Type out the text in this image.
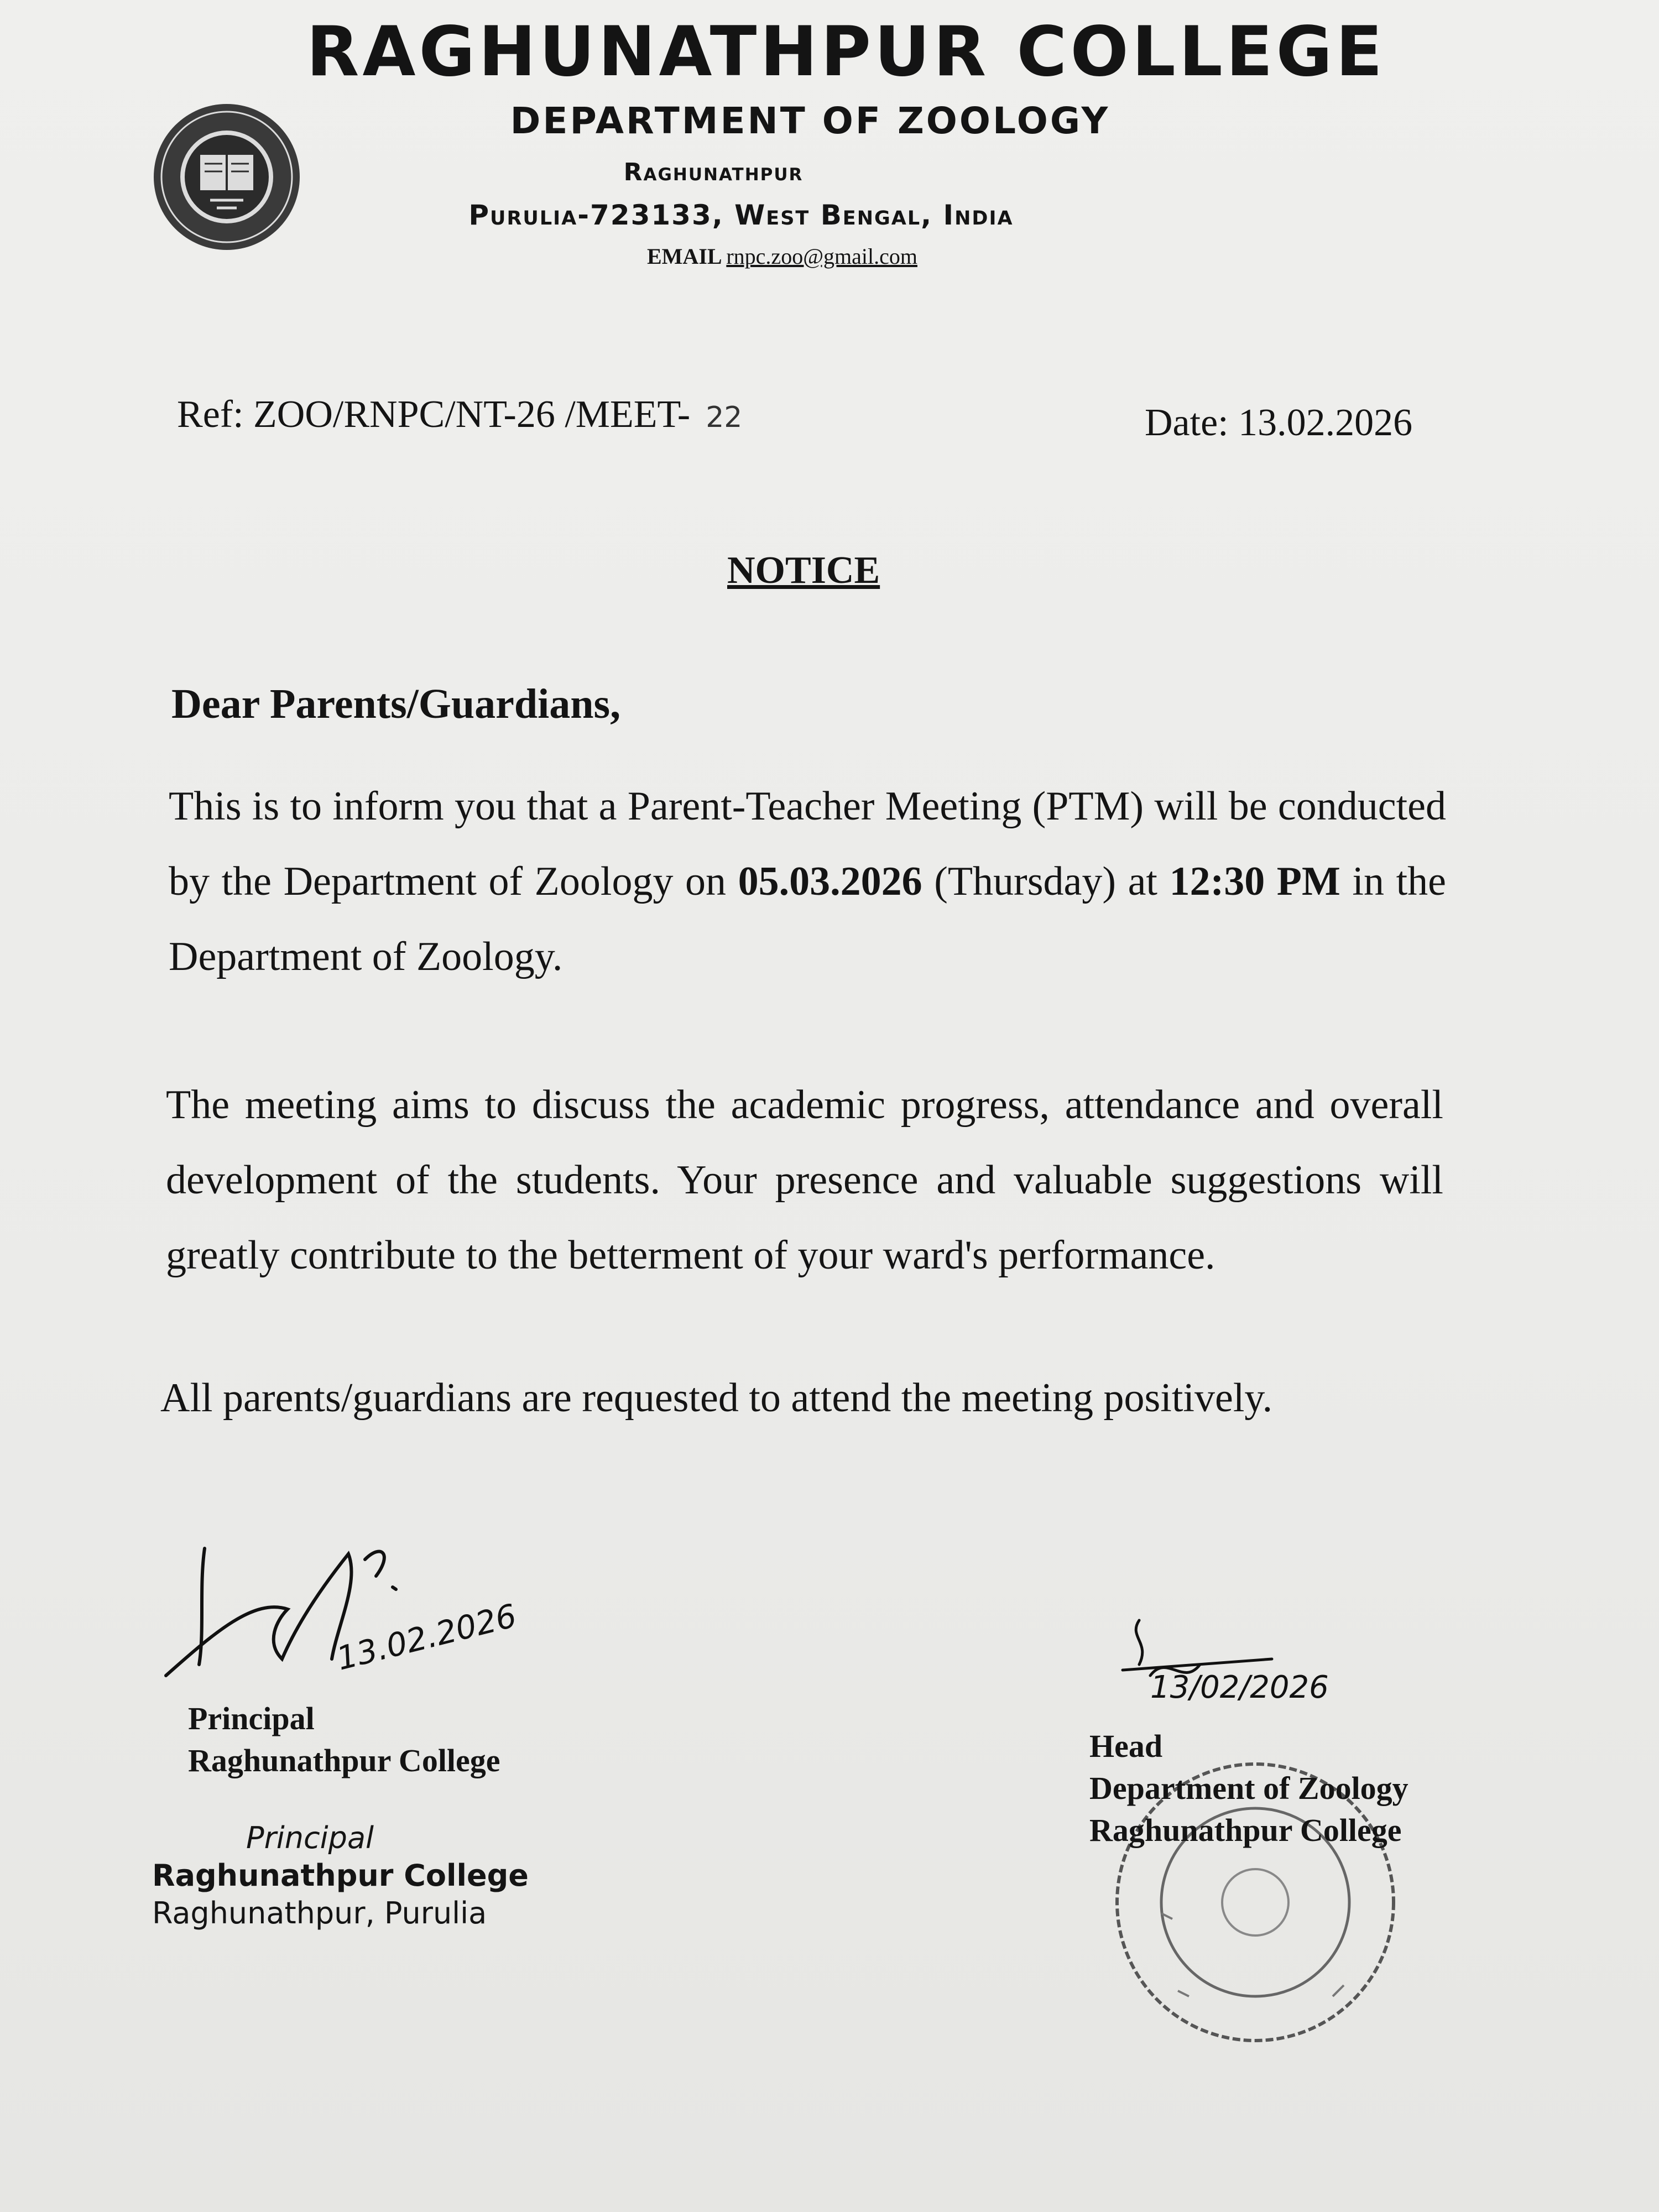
RAGHUNATHPUR COLLEGE
DEPARTMENT OF ZOOLOGY
Raghunathpur
Purulia-723133, West Bengal, India
EMAIL rnpc.zoo@gmail.com
Ref: ZOO/RNPC/NT-26 /MEET- 22	Date: 13.02.2026
NOTICE
Dear Parents/Guardians,
This is to inform you that a Parent-Teacher Meeting (PTM) will be conducted by the Department of Zoology on 05.03.2026 (Thursday) at 12:30 PM in the Department of Zoology.
The meeting aims to discuss the academic progress, attendance and overall development of the students. Your presence and valuable suggestions will greatly contribute to the betterment of your ward's performance.
All parents/guardians are requested to attend the meeting positively.
13.02.2026
Principal
Raghunathpur College
Principal
Raghunathpur College
Raghunathpur, Purulia
13/02/2026
Head
Department of Zoology
Raghunathpur College
